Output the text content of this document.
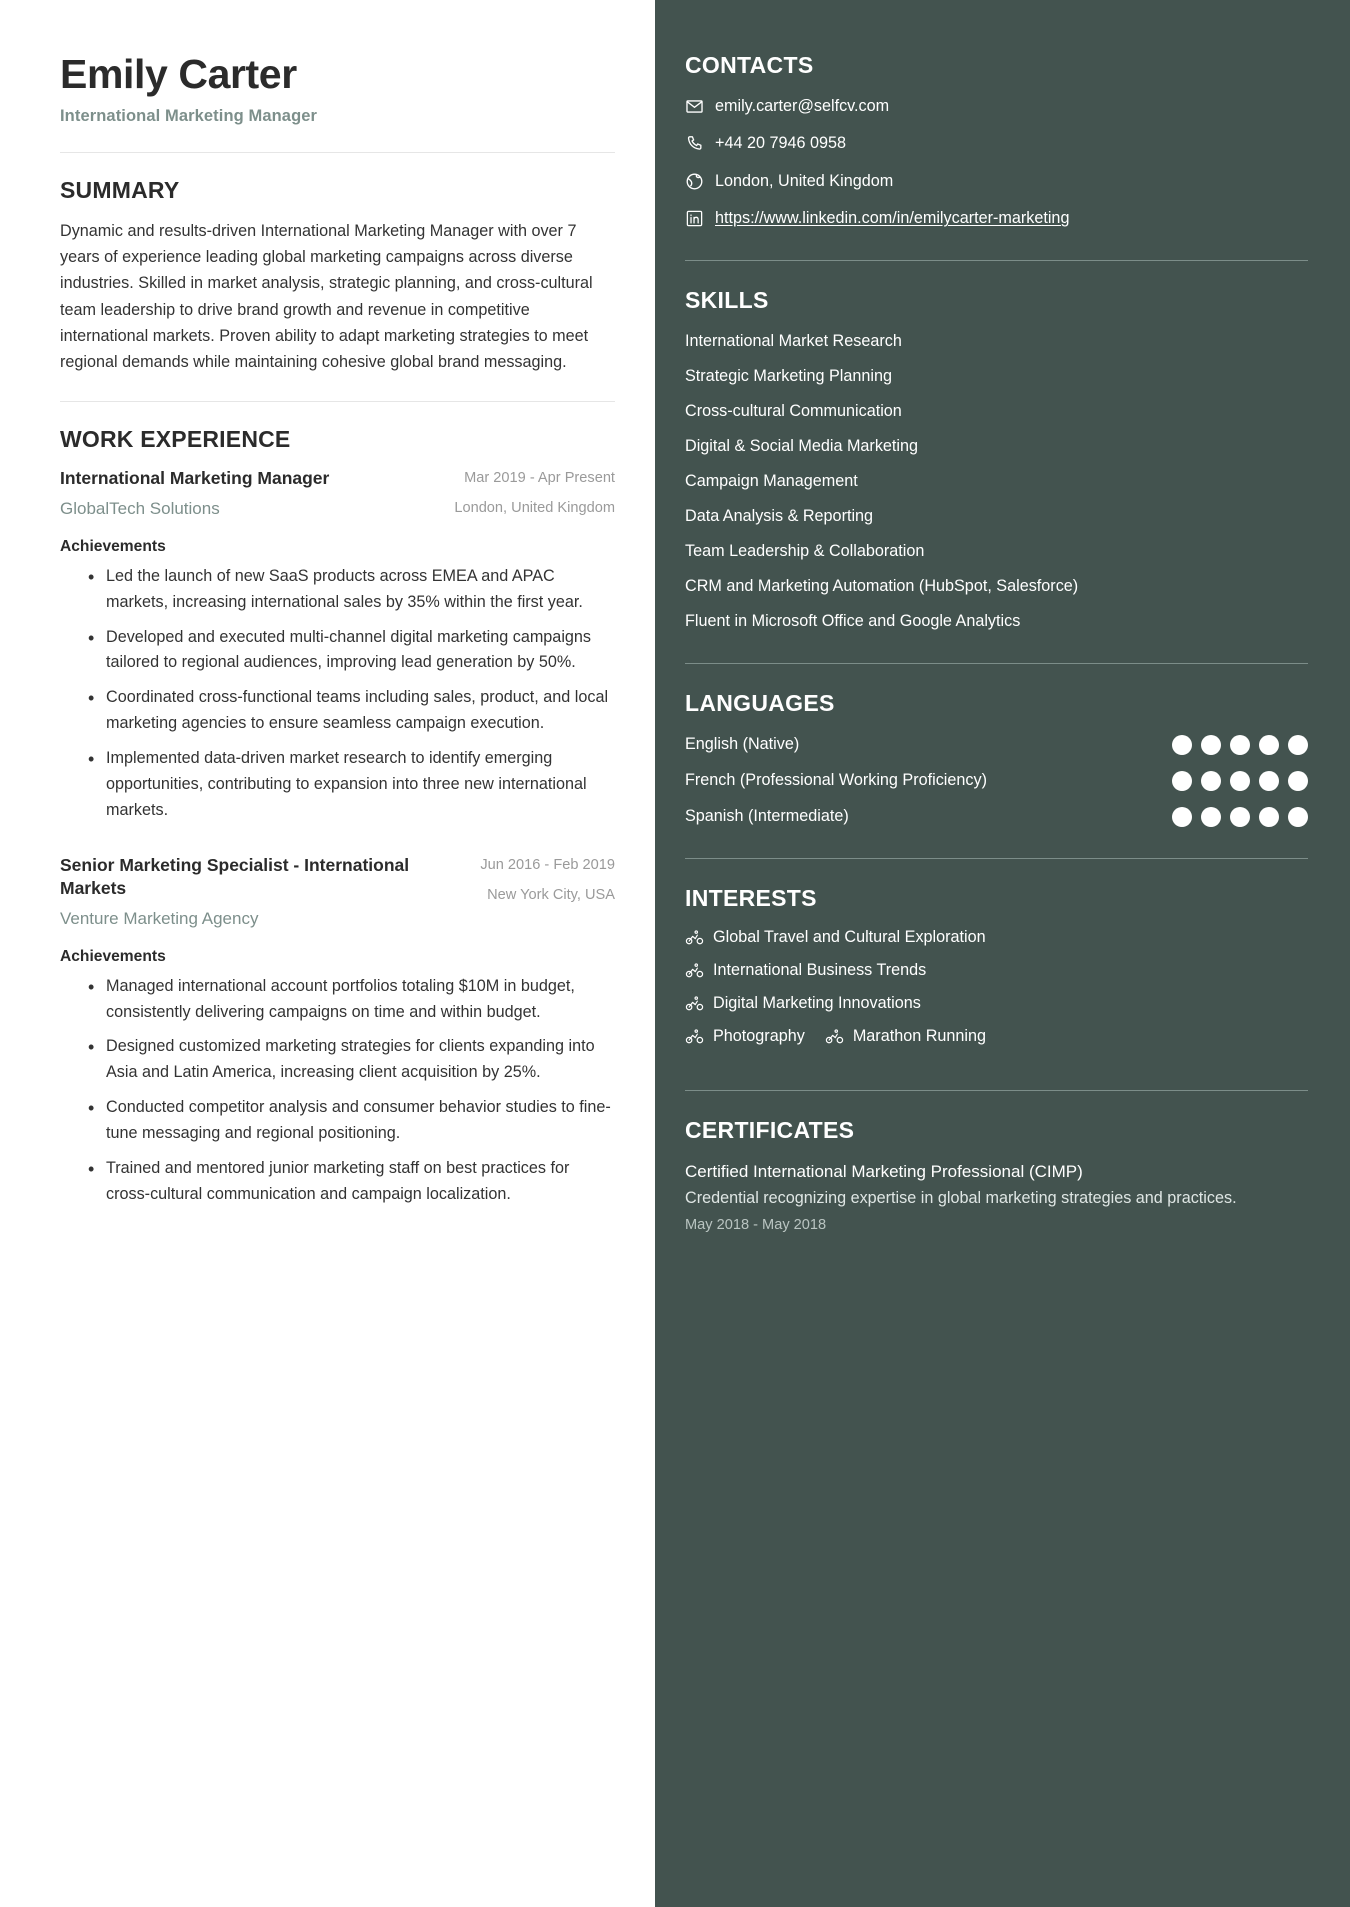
Emily Carter
International Marketing Manager
SUMMARY

Dynamic and results-driven International Marketing Manager with over 7 years of experience leading global marketing campaigns across diverse industries. Skilled in market analysis, strategic planning, and cross-cultural team leadership to drive brand growth and revenue in competitive international markets. Proven ability to adapt marketing strategies to meet regional demands while maintaining cohesive global brand messaging.

WORK EXPERIENCE
International Marketing Manager
GlobalTech Solutions
Mar 2019 - Apr Present
London, United Kingdom
Achievements
• Led the launch of new SaaS products across EMEA and APAC markets, increasing international sales by 35% within the first year.
• Developed and executed multi-channel digital marketing campaigns tailored to regional audiences, improving lead generation by 50%.
• Coordinated cross-functional teams including sales, product, and local marketing agencies to ensure seamless campaign execution.
• Implemented data-driven market research to identify emerging opportunities, contributing to expansion into three new international markets.
Senior Marketing Specialist - International Markets
Venture Marketing Agency
Jun 2016 - Feb 2019
New York City, USA
Achievements
• Managed international account portfolios totaling $10M in budget, consistently delivering campaigns on time and within budget.
• Designed customized marketing strategies for clients expanding into Asia and Latin America, increasing client acquisition by 25%.
• Conducted competitor analysis and consumer behavior studies to fine-tune messaging and regional positioning.
• Trained and mentored junior marketing staff on best practices for cross-cultural communication and campaign localization.
CONTACTS
emily.carter@selfcv.com
+44 20 7946 0958
London, United Kingdom
https://www.linkedin.com/in/emilycarter-marketing
SKILLS
International Market Research
Strategic Marketing Planning
Cross-cultural Communication
Digital & Social Media Marketing
Campaign Management
Data Analysis & Reporting
Team Leadership & Collaboration
CRM and Marketing Automation (HubSpot, Salesforce)
Fluent in Microsoft Office and Google Analytics
LANGUAGES
English (Native)
French (Professional Working Proficiency)
Spanish (Intermediate)
INTERESTS
Global Travel and Cultural Exploration
International Business Trends
Digital Marketing Innovations
Photography	Marathon Running
CERTIFICATES
Certified International Marketing Professional (CIMP)
Credential recognizing expertise in global marketing strategies and practices.
May 2018 - May 2018
